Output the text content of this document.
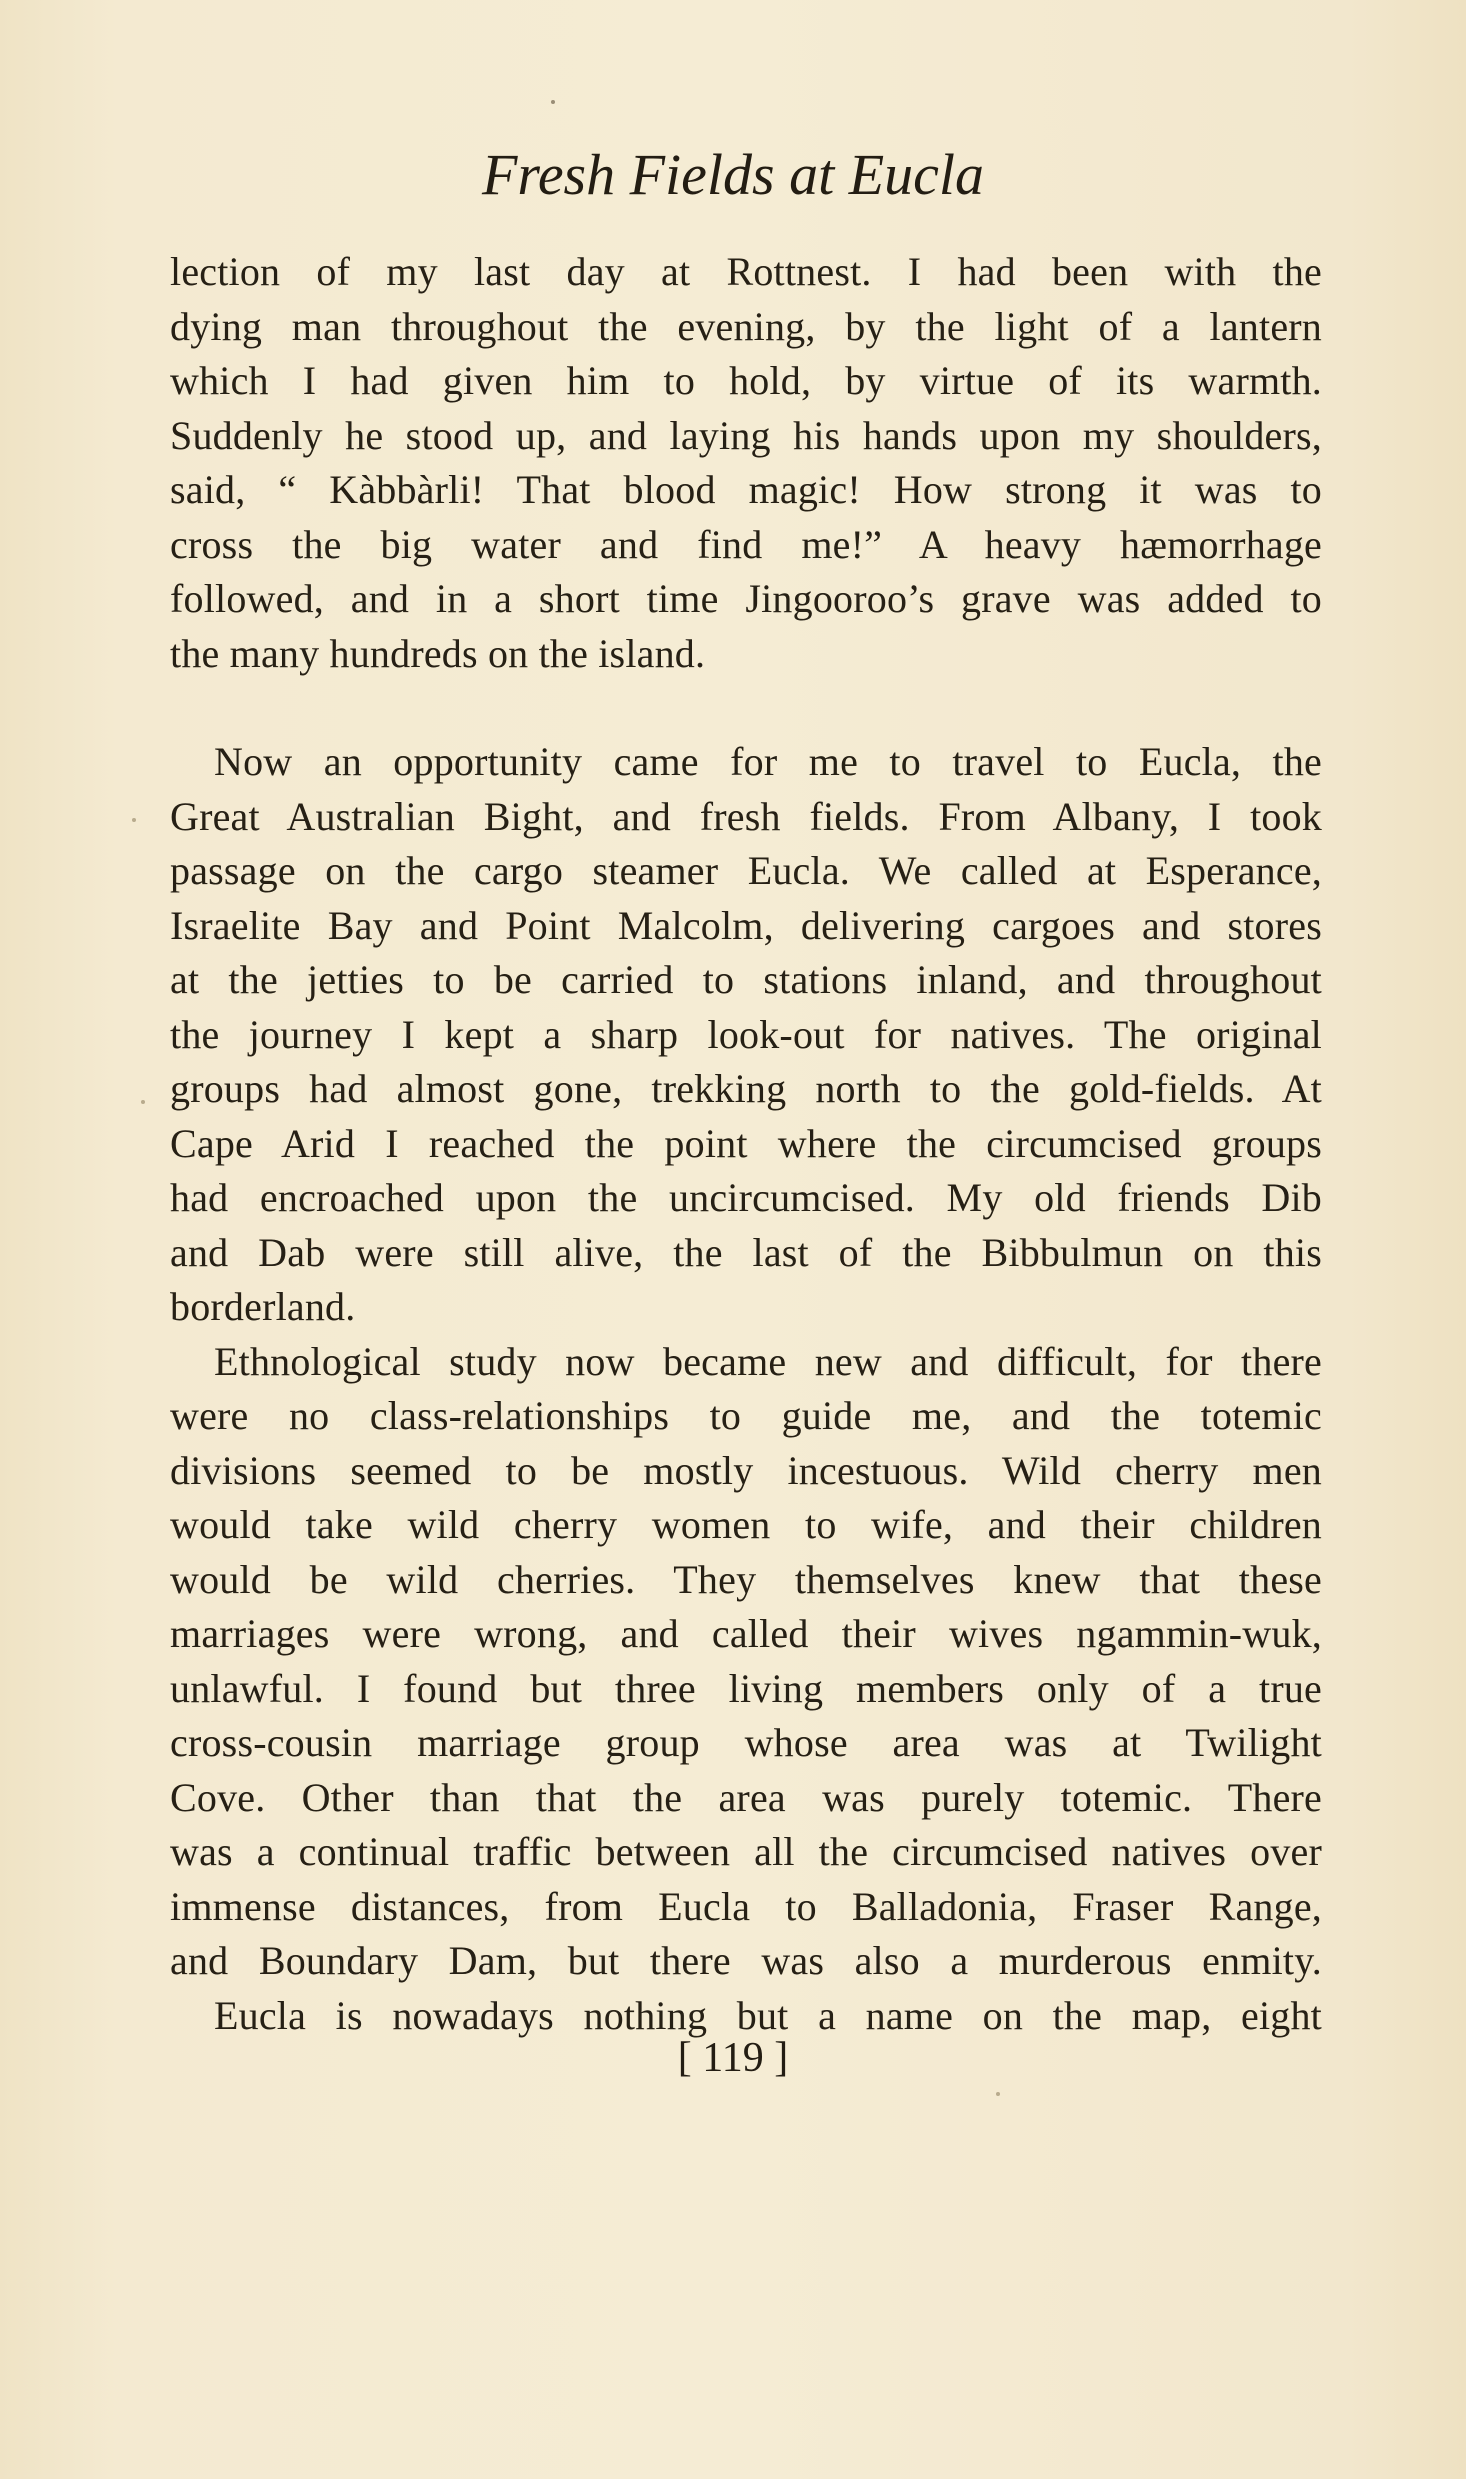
Fresh Fields at Eucla
lection of my last day at Rottnest. I had been with the
dying man throughout the evening, by the light of a lantern
which I had given him to hold, by virtue of its warmth.
Suddenly he stood up, and laying his hands upon my shoulders,
said, “ Kàbbàrli! That blood magic! How strong it was to
cross the big water and find me!” A heavy hæmorrhage
followed, and in a short time Jingooroo’s grave was added to
the many hundreds on the island.
Now an opportunity came for me to travel to Eucla, the
Great Australian Bight, and fresh fields. From Albany, I took
passage on the cargo steamer Eucla. We called at Esperance,
Israelite Bay and Point Malcolm, delivering cargoes and stores
at the jetties to be carried to stations inland, and throughout
the journey I kept a sharp look-out for natives. The original
groups had almost gone, trekking north to the gold-fields. At
Cape Arid I reached the point where the circumcised groups
had encroached upon the uncircumcised. My old friends Dib
and Dab were still alive, the last of the Bibbulmun on this
borderland.
Ethnological study now became new and difficult, for there
were no class-relationships to guide me, and the totemic
divisions seemed to be mostly incestuous. Wild cherry men
would take wild cherry women to wife, and their children
would be wild cherries. They themselves knew that these
marriages were wrong, and called their wives ngammin-wuk,
unlawful. I found but three living members only of a true
cross-cousin marriage group whose area was at Twilight
Cove. Other than that the area was purely totemic. There
was a continual traffic between all the circumcised natives over
immense distances, from Eucla to Balladonia, Fraser Range,
and Boundary Dam, but there was also a murderous enmity.
Eucla is nowadays nothing but a name on the map, eight
[ 119 ]
